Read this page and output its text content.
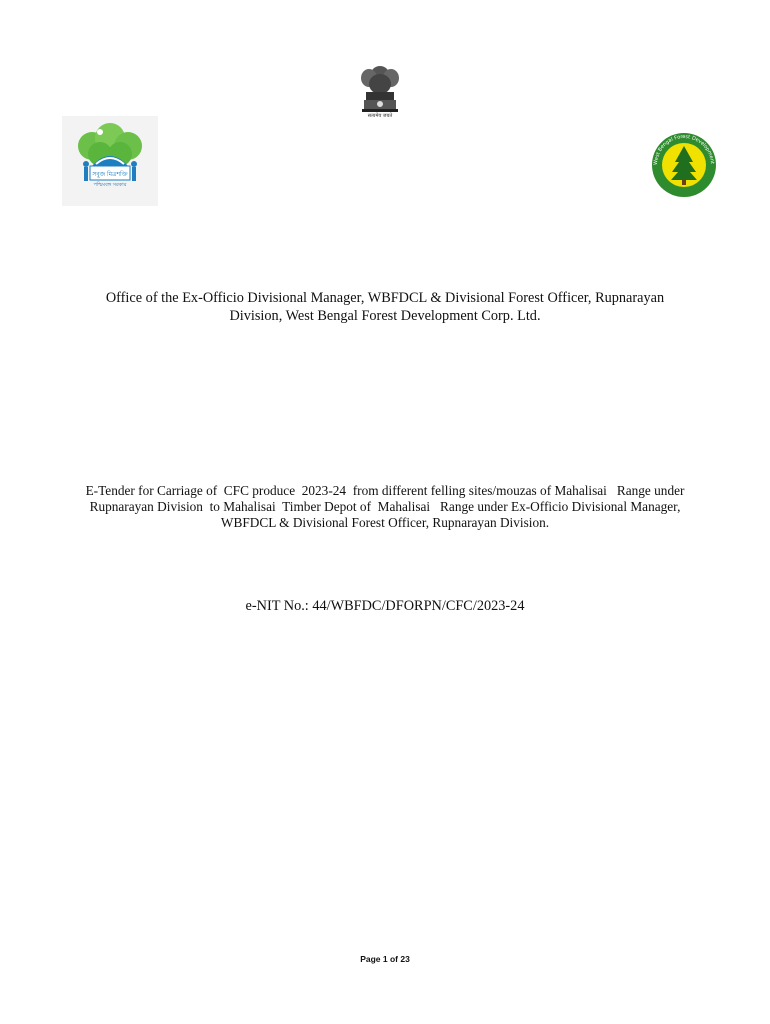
सत्यमेव जयते
সবুজ মিত্রশক্তি
পশ্চিমবঙ্গ সরকার
West Bengal Forest Development
Office of the Ex-Officio Divisional Manager, WBFDCL & Divisional Forest Officer, Rupnarayan
Division, West Bengal Forest Development Corp. Ltd.
E-Tender for Carriage of  CFC produce  2023-24  from different felling sites/mouzas of Mahalisai   Range under
Rupnarayan Division  to Mahalisai  Timber Depot of  Mahalisai   Range under Ex-Officio Divisional Manager,
WBFDCL & Divisional Forest Officer, Rupnarayan Division.
e-NIT No.: 44/WBFDC/DFORPN/CFC/2023-24
Page 1 of 23
